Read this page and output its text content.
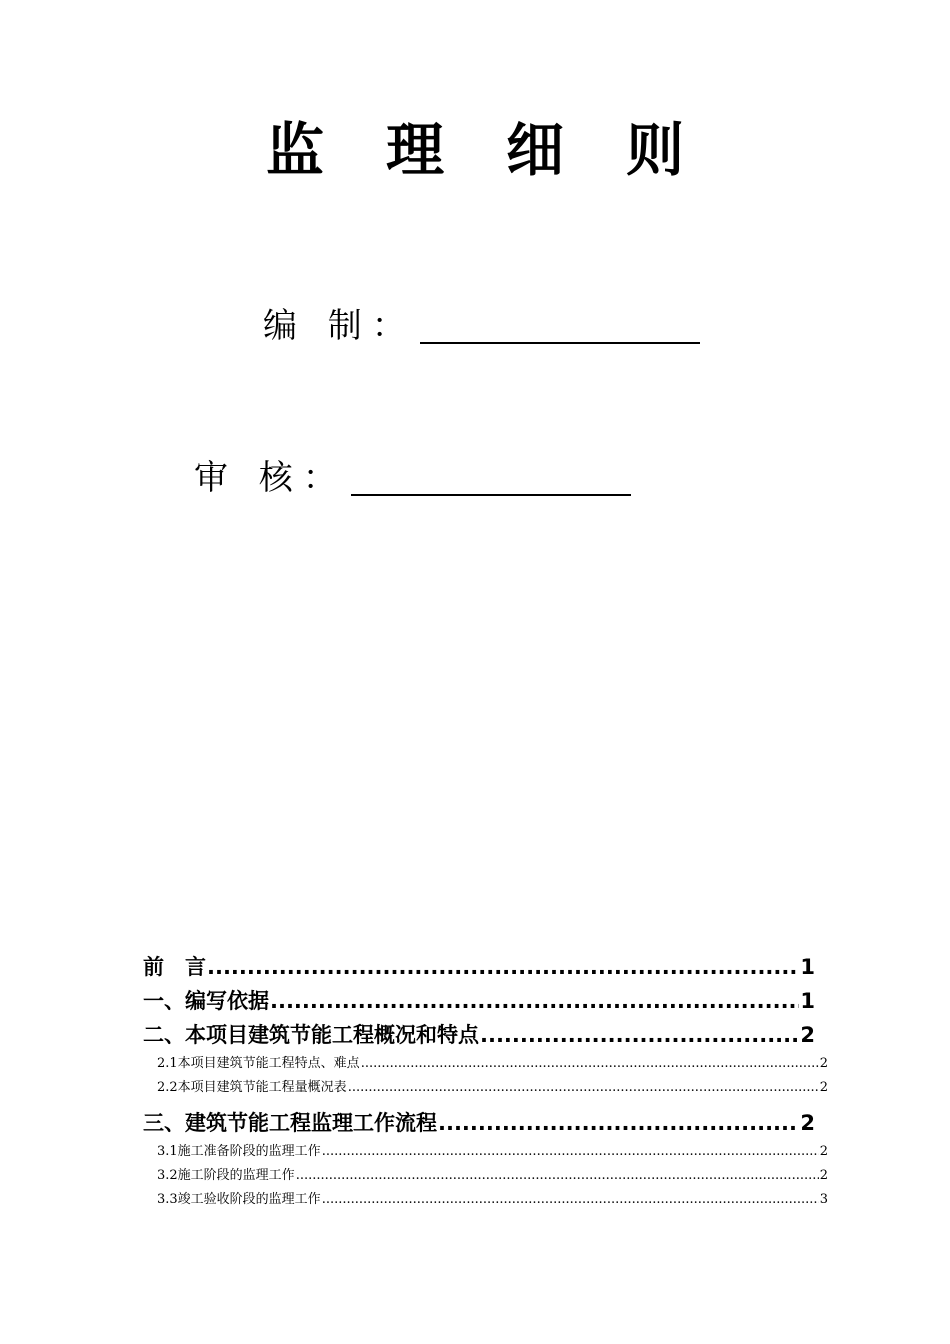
监 理 细 则
编 制：
审 核：
前　言 .....	1
一、编写依据 .....	1
二、本项目建筑节能工程概况和特点 .....	2
2.1本项目建筑节能工程特点、难点 .....	2
2.2本项目建筑节能工程量概况表 .....	2
三、建筑节能工程监理工作流程 .....	2
3.1施工准备阶段的监理工作 .....	2
3.2施工阶段的监理工作 .....	2
3.3竣工验收阶段的监理工作 .....	3
